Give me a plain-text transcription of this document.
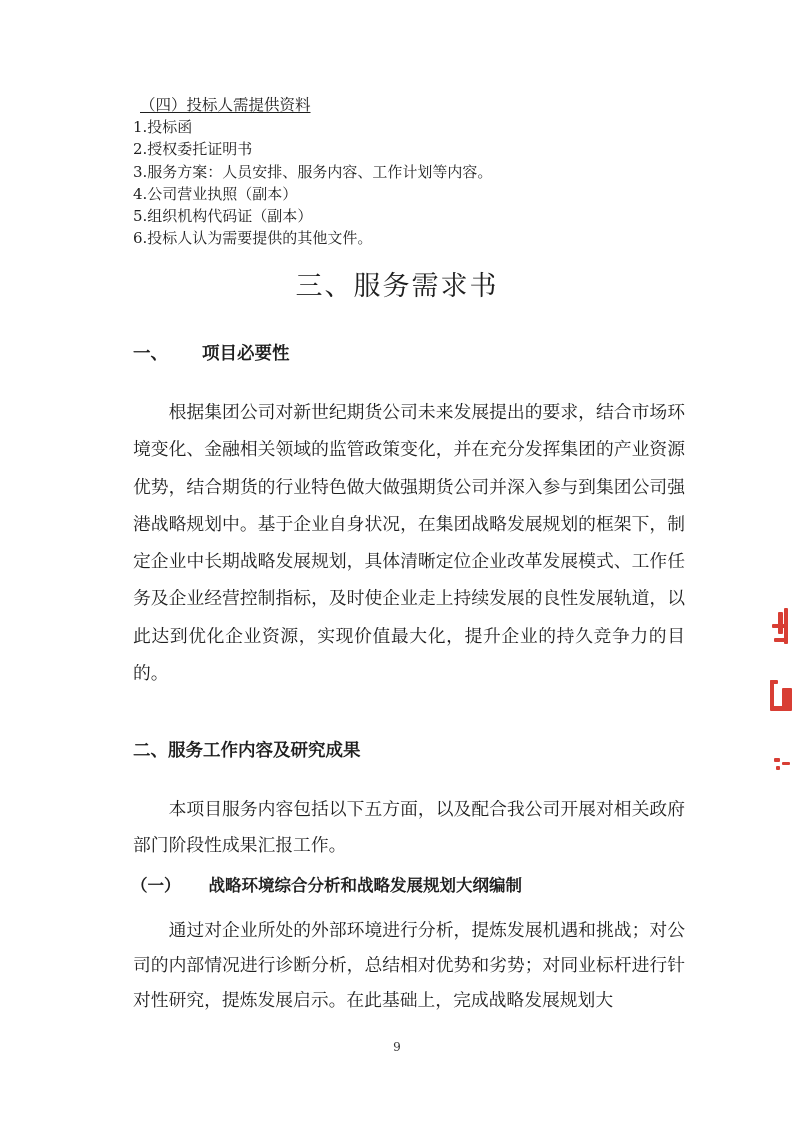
（四）投标人需提供资料
1.投标函
2.授权委托证明书
3.服务方案：人员安排、服务内容、工作计划等内容。
4.公司营业执照（副本）
5.组织机构代码证（副本）
6.投标人认为需要提供的其他文件。
三、服务需求书
一、 项目必要性

根据集团公司对新世纪期货公司未来发展提出的要求，结合市场环境变化、金融相关领域的监管政策变化，并在充分发挥集团的产业资源优势，结合期货的行业特色做大做强期货公司并深入参与到集团公司强港战略规划中。基于企业自身状况，在集团战略发展规划的框架下，制定企业中长期战略发展规划，具体清晰定位企业改革发展模式、工作任务及企业经营控制指标，及时使企业走上持续发展的良性发展轨道，以此达到优化企业资源，实现价值最大化，提升企业的持久竞争力的目的。

二、服务工作内容及研究成果

本项目服务内容包括以下五方面，以及配合我公司开展对相关政府部门阶段性成果汇报工作。

（一） 战略环境综合分析和战略发展规划大纲编制

通过对企业所处的外部环境进行分析，提炼发展机遇和挑战；对公司的内部情况进行诊断分析，总结相对优势和劣势；对同业标杆进行针对性研究，提炼发展启示。在此基础上，完成战略发展规划大

9
